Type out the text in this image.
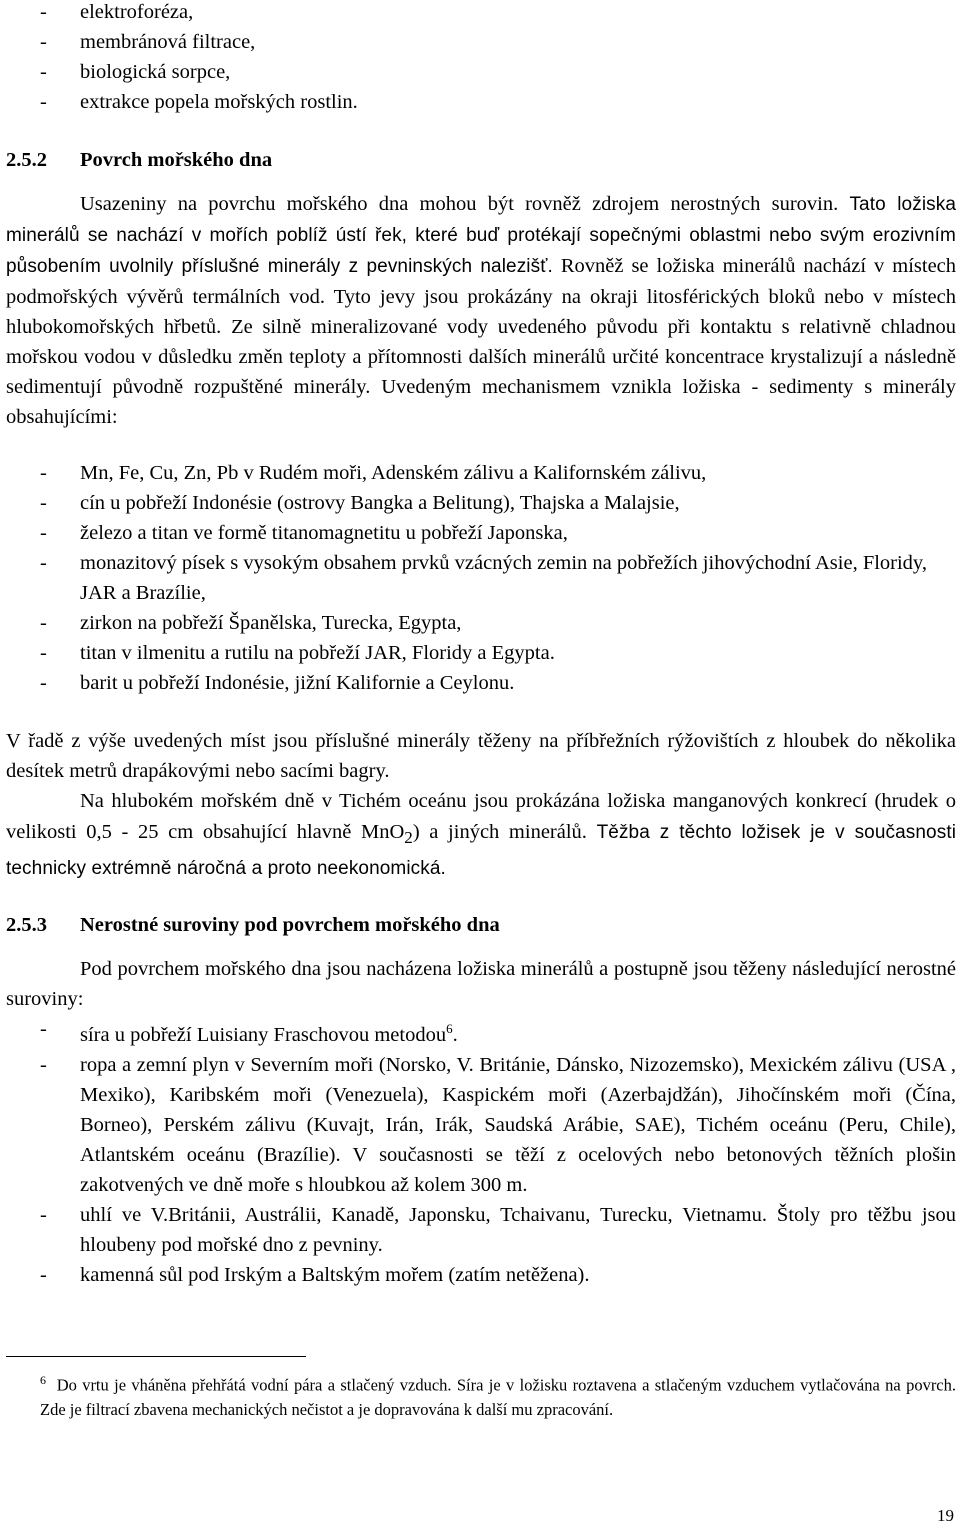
- elektroforéza,
- membránová filtrace,
- biologická sorpce,
- extrakce popela mořských rostlin.
2.5.2 Povrch mořského dna
Usazeniny na povrchu mořského dna mohou být rovněž zdrojem nerostných surovin. Tato ložiska minerálů se nachází v mořích poblíž ústí řek, které buď protékají sopečnými oblastmi nebo svým erozivním působením uvolnily příslušné minerály z pevninských nalezišť. Rovněž se ložiska minerálů nachází v místech podmořských vývěrů termálních vod. Tyto jevy jsou prokázány na okraji litosférických bloků nebo v místech hlubokomořských hřbetů. Ze silně mineralizované vody uvedeného původu při kontaktu s relativně chladnou mořskou vodou v důsledku změn teploty a přítomnosti dalších minerálů určité koncentrace krystalizují a následně sedimentují původně rozpuštěné minerály. Uvedeným mechanismem vznikla ložiska - sedimenty s minerály obsahujícími:
- Mn, Fe, Cu, Zn, Pb v Rudém moři, Adenském zálivu a Kalifornském zálivu,
- cín u pobřeží Indonésie (ostrovy Bangka a Belitung), Thajska a Malajsie,
- železo a titan ve formě titanomagnetitu u pobřeží Japonska,
- monazitový písek s vysokým obsahem prvků vzácných zemin na pobřežích jihovýchodní Asie, Floridy, JAR a Brazílie,
- zirkon na pobřeží Španělska, Turecka, Egypta,
- titan v ilmenitu a rutilu na pobřeží JAR, Floridy a Egypta.
- barit u pobřeží Indonésie, jižní Kalifornie a Ceylonu.
V řadě z výše uvedených míst jsou příslušné minerály těženy na příbřežních rýžovištích z hloubek do několika desítek metrů drapákovými nebo sacími bagry.
Na hlubokém mořském dně v Tichém oceánu jsou prokázána ložiska manganových konkrecí (hrudek o velikosti 0,5 - 25 cm obsahující hlavně MnO$_2$) a jiných minerálů. Těžba z těchto ložisek je v současnosti technicky extrémně náročná a proto neekonomická.
2.5.3 Nerostné suroviny pod povrchem mořského dna
Pod povrchem mořského dna jsou nacházena ložiska minerálů a postupně jsou těženy následující nerostné suroviny:
- síra u pobřeží Luisiany Fraschovou metodou$^6$.
- ropa a zemní plyn v Severním moři (Norsko, V. Británie, Dánsko, Nizozemsko), Mexickém zálivu (USA , Mexiko), Karibském moři (Venezuela), Kaspickém moři (Azerbajdžán), Jihočínském moři (Čína, Borneo), Perském zálivu (Kuvajt, Irán, Irák, Saudská Arábie, SAE), Tichém oceánu (Peru, Chile), Atlantském oceánu (Brazílie). V současnosti se těží z ocelových nebo betonových těžních plošin zakotvených ve dně moře s hloubkou až kolem 300 m.
- uhlí ve V.Británii, Austrálii, Kanadě, Japonsku, Tchaivanu, Turecku, Vietnamu. Štoly pro těžbu jsou hloubeny pod mořské dno z pevniny.
- kamenná sůl pod Irským a Baltským mořem (zatím netěžena).
$^6$ Do vrtu je vháněna přehřátá vodní pára a stlačený vzduch. Síra je v ložisku roztavena a stlačeným vzduchem vytlačována na povrch. Zde je filtrací zbavena mechanických nečistot a je dopravována k další mu zpracování.
19
